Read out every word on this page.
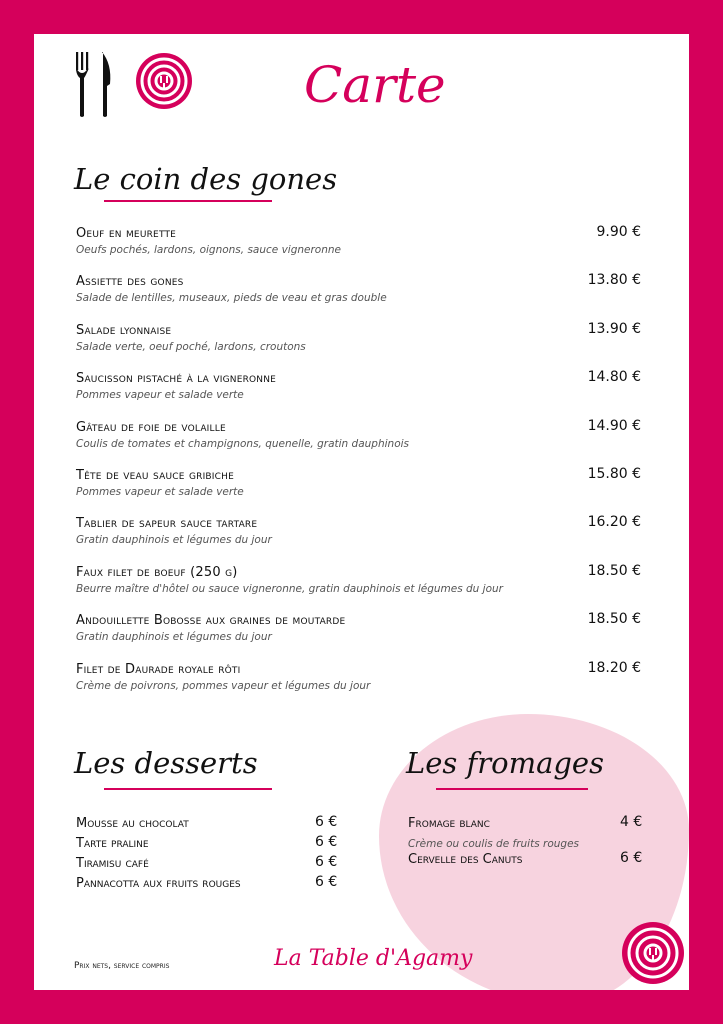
Carte
Le coin des gones
Oeuf en meurette
Oeufs pochés, lardons, oignons, sauce vigneronne
9.90 €
Assiette des gones
Salade de lentilles, museaux, pieds de veau et gras double
13.80 €
Salade lyonnaise
Salade verte, oeuf poché, lardons, croutons
13.90 €
Saucisson pistaché à la vigneronne
Pommes vapeur et salade verte
14.80 €
Gâteau de foie de volaille
Coulis de tomates et champignons, quenelle, gratin dauphinois
14.90 €
Tête de veau sauce gribiche
Pommes vapeur et salade verte
15.80 €
Tablier de sapeur sauce tartare
Gratin dauphinois et légumes du jour
16.20 €
Faux filet de boeuf (250 g)
Beurre maître d'hôtel ou sauce vigneronne, gratin dauphinois et légumes du jour
18.50 €
Andouillette Bobosse aux graines de moutarde
Gratin dauphinois et légumes du jour
18.50 €
Filet de Daurade royale rôti
Crème de poivrons, pommes vapeur et légumes du jour
18.20 €
Les desserts
Mousse au chocolat	6 €
Tarte praline	6 €
Tiramisu café	6 €
Pannacotta aux fruits rouges	6 €
Les fromages
Fromage blanc	4 €
Crème ou coulis de fruits rouges
Cervelle des Canuts	6 €
Prix nets, service compris	La Table d'Agamy
